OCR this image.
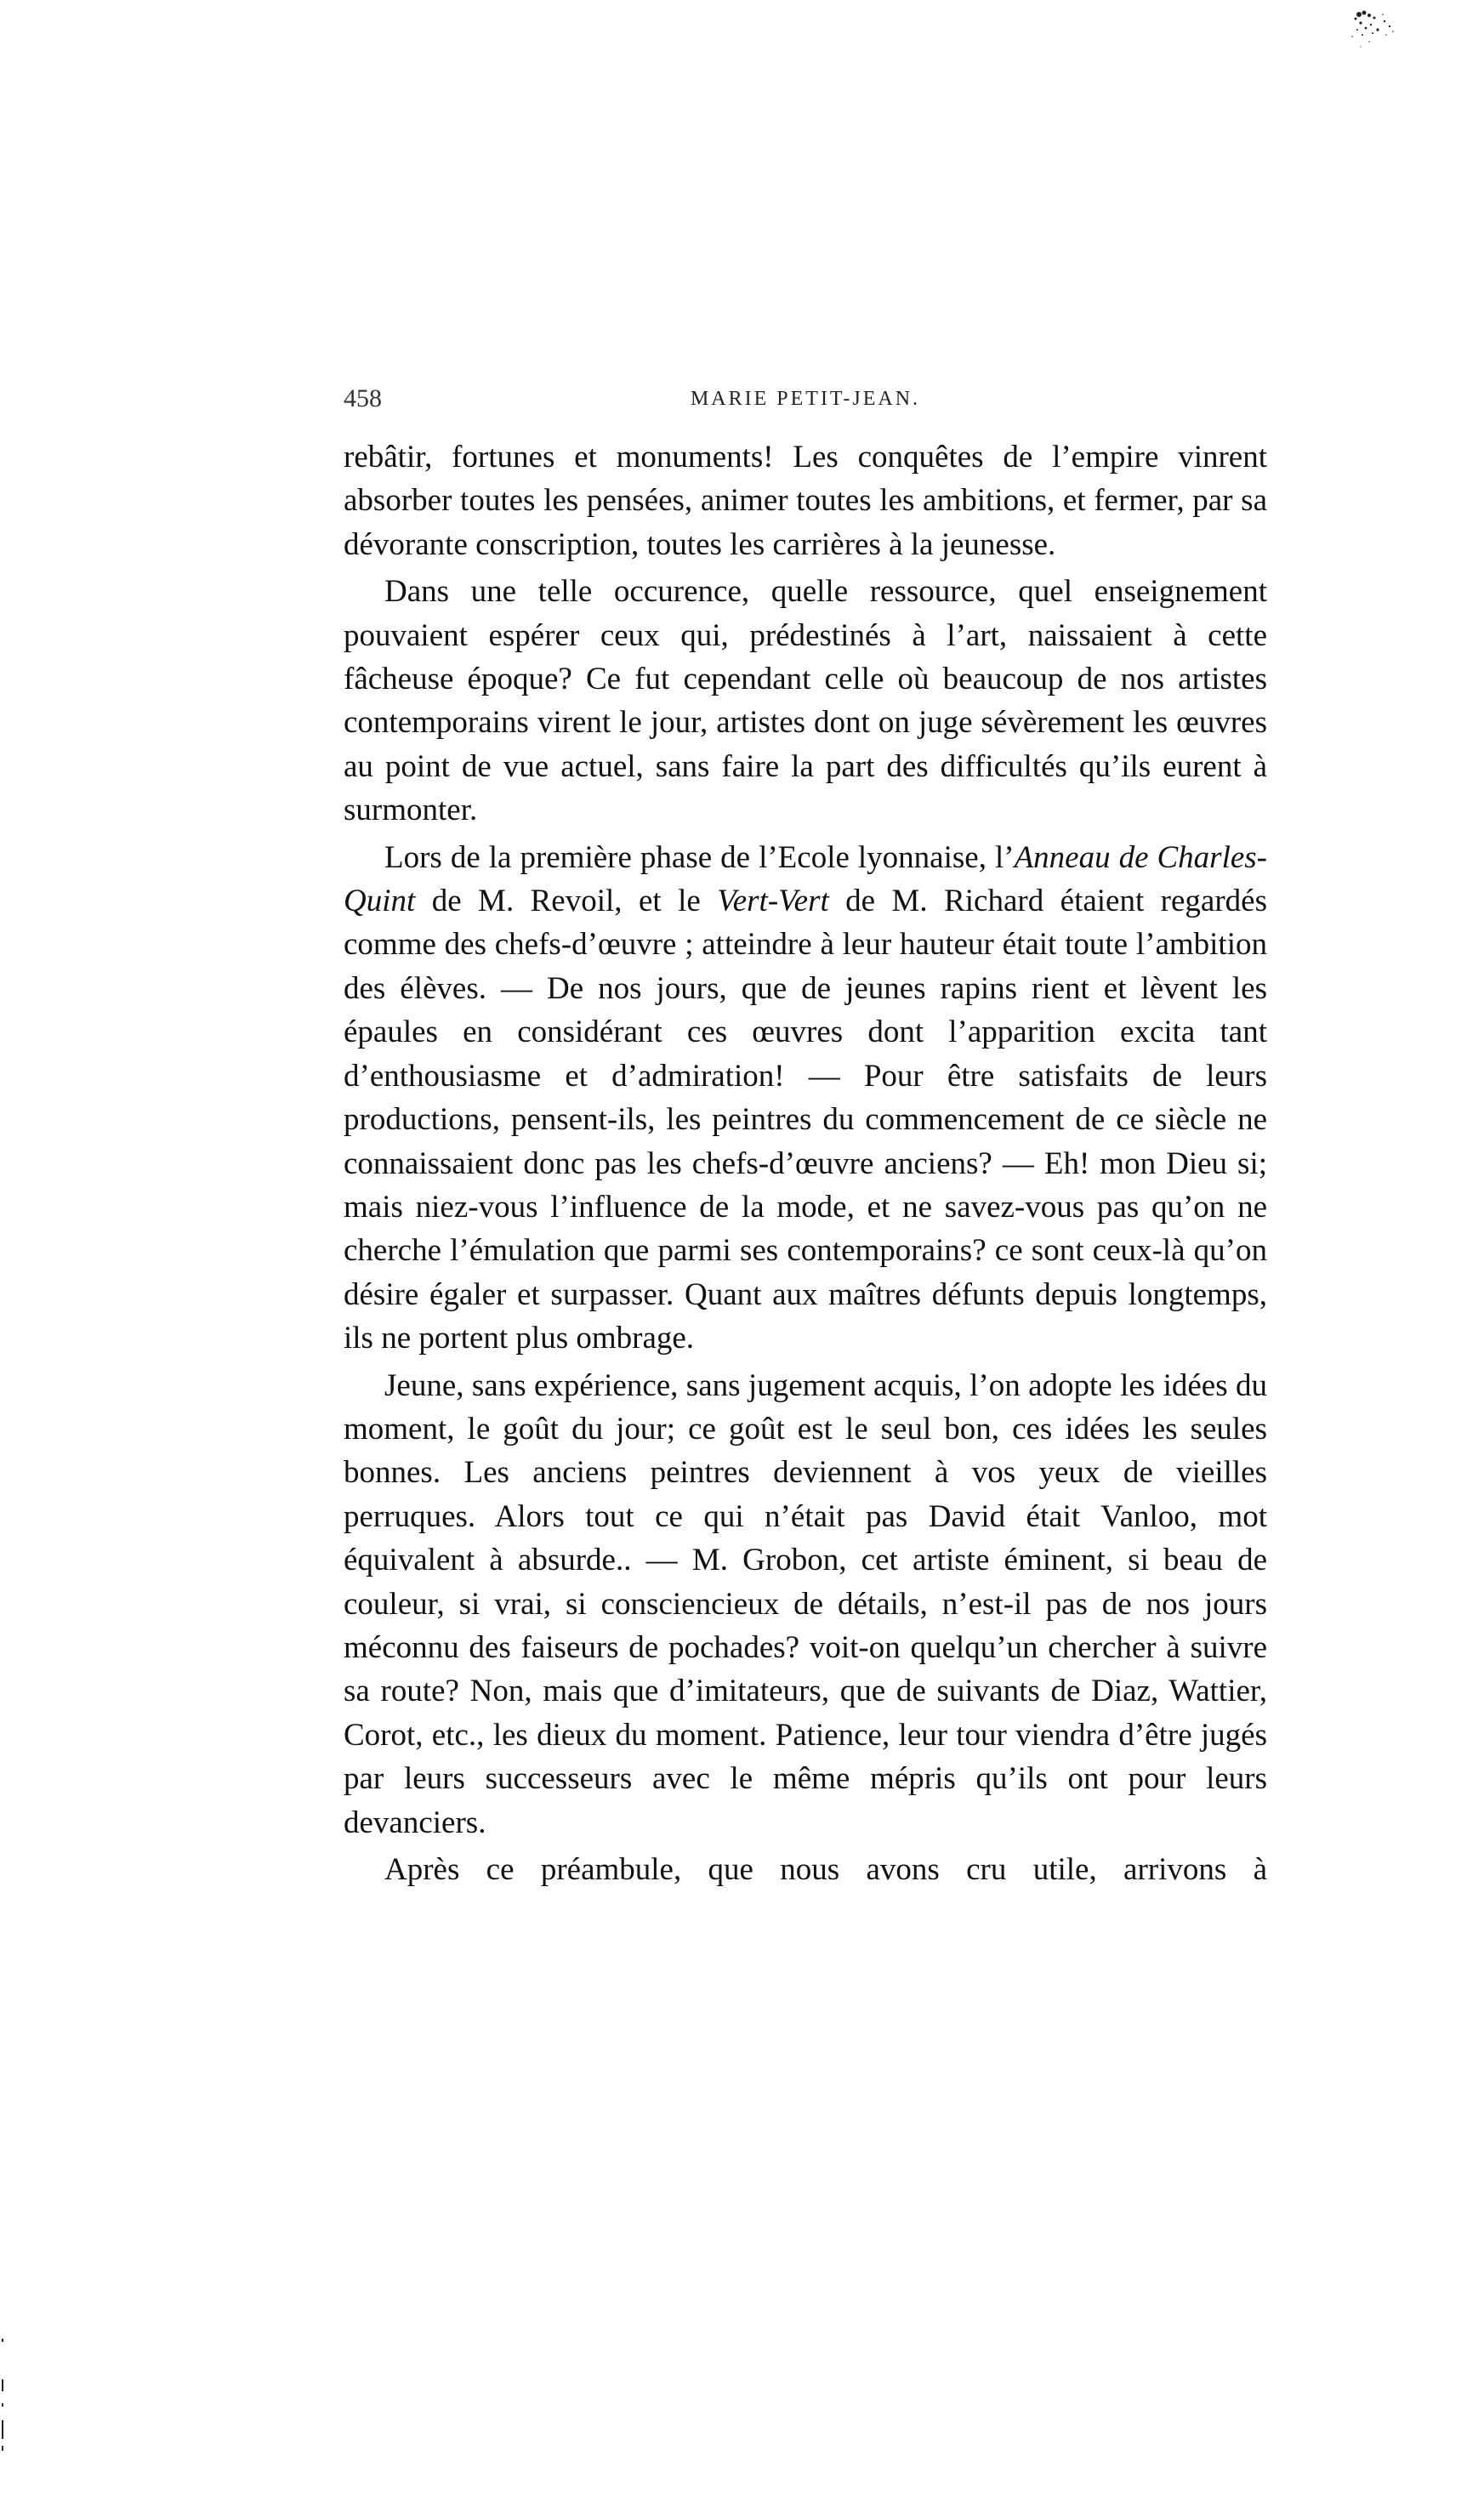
458	MARIE PETIT-JEAN.

rebâtir, fortunes et monuments! Les conquêtes de l’empire vinrent absorber toutes les pensées, animer toutes les ambitions, et fermer, par sa dévorante conscription, toutes les carrières à la jeunesse.

Dans une telle occurence, quelle ressource, quel enseignement pouvaient espérer ceux qui, prédestinés à l’art, naissaient à cette fâcheuse époque? Ce fut cependant celle où beaucoup de nos artistes contemporains virent le jour, artistes dont on juge sévèrement les œuvres au point de vue actuel, sans faire la part des difficultés qu’ils eurent à surmonter.

Lors de la première phase de l’Ecole lyonnaise, l’Anneau de Charles-Quint de M. Revoil, et le Vert-Vert de M. Richard étaient regardés comme des chefs-d’œuvre ; atteindre à leur hauteur était toute l’ambition des élèves. — De nos jours, que de jeunes rapins rient et lèvent les épaules en considérant ces œuvres dont l’apparition excita tant d’enthousiasme et d’admiration! — Pour être satisfaits de leurs productions, pensent-ils, les peintres du commencement de ce siècle ne connaissaient donc pas les chefs-d’œuvre anciens? — Eh! mon Dieu si; mais niez-vous l’influence de la mode, et ne savez-vous pas qu’on ne cherche l’émulation que parmi ses contemporains? ce sont ceux-là qu’on désire égaler et surpasser. Quant aux maîtres défunts depuis longtemps, ils ne portent plus ombrage.

Jeune, sans expérience, sans jugement acquis, l’on adopte les idées du moment, le goût du jour; ce goût est le seul bon, ces idées les seules bonnes. Les anciens peintres deviennent à vos yeux de vieilles perruques. Alors tout ce qui n’était pas David était Vanloo, mot équivalent à absurde.. — M. Grobon, cet artiste éminent, si beau de couleur, si vrai, si consciencieux de détails, n’est-il pas de nos jours méconnu des faiseurs de pochades? voit-on quelqu’un chercher à suivre sa route? Non, mais que d’imitateurs, que de suivants de Diaz, Wattier, Corot, etc., les dieux du moment. Patience, leur tour viendra d’être jugés par leurs successeurs avec le même mépris qu’ils ont pour leurs devanciers.

Après ce préambule, que nous avons cru utile, arrivons à
